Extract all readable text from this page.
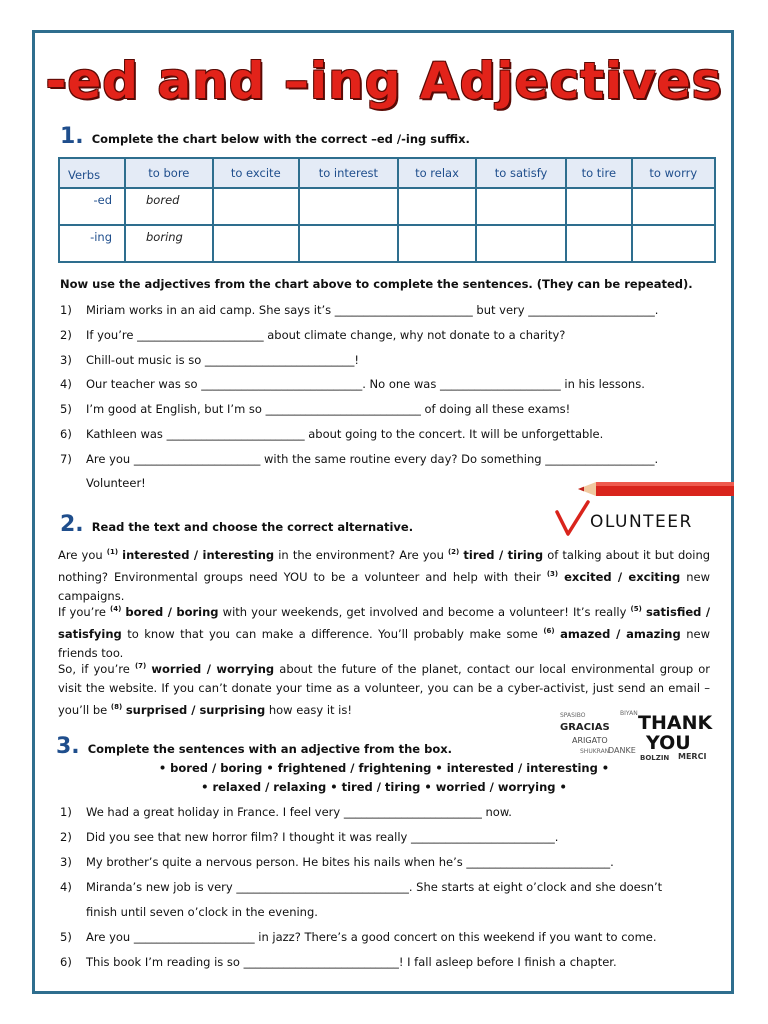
-ed and –ing Adjectives
1. Complete the chart below with the correct –ed /-ing suffix.
Verbs	to bore	to excite	to interest	to relax	to satisfy	to tire	to worry
-ed	bored						
-ing	boring						
Now use the adjectives from the chart above to complete the sentences. (They can be repeated).
1) Miriam works in an aid camp. She says it’s ________________________ but very ______________________.
2) If you’re ______________________ about climate change, why not donate to a charity?
3) Chill-out music is so __________________________!
4) Our teacher was so ____________________________. No one was _____________________ in his lessons.
5) I’m good at English, but I’m so ___________________________ of doing all these exams!
6) Kathleen was ________________________ about going to the concert. It will be unforgettable.
7) Are you ______________________ with the same routine every day? Do something ___________________.
Volunteer!
OLUNTEER
2. Read the text and choose the correct alternative.
Are you $^{(1)}$ interested / interesting in the environment? Are you $^{(2)}$ tired / tiring of talking about it but doing nothing? Environmental groups need YOU to be a volunteer and help with their $^{(3)}$ excited / exciting new campaigns.
If you’re $^{(4)}$ bored / boring with your weekends, get involved and become a volunteer! It’s really $^{(5)}$ satisfied / satisfying to know that you can make a difference. You’ll probably make some $^{(6)}$ amazed / amazing new friends too.
So, if you’re $^{(7)}$ worried / worrying about the future of the planet, contact our local environmental group or visit the website. If you can’t donate your time as a volunteer, you can be a cyber-activist, just send an email –you’ll be $^{(8)}$ surprised / surprising how easy it is!
GRACIAS THANK
YOU
ARIGATO
DANKE
MERCI
BOLZIN
SHUKRAN
BIYAN
SPASIBO
3. Complete the sentences with an adjective from the box.
• bored / boring • frightened / frightening • interested / interesting •
• relaxed / relaxing • tired / tiring • worried / worrying •
1) We had a great holiday in France. I feel very ________________________ now.
2) Did you see that new horror film? I thought it was really _________________________.
3) My brother’s quite a nervous person. He bites his nails when he’s _________________________.
4) Miranda’s new job is very ______________________________. She starts at eight o’clock and she doesn’t
finish until seven o’clock in the evening.
5) Are you _____________________ in jazz? There’s a good concert on this weekend if you want to come.
6) This book I’m reading is so ___________________________! I fall asleep before I finish a chapter.
